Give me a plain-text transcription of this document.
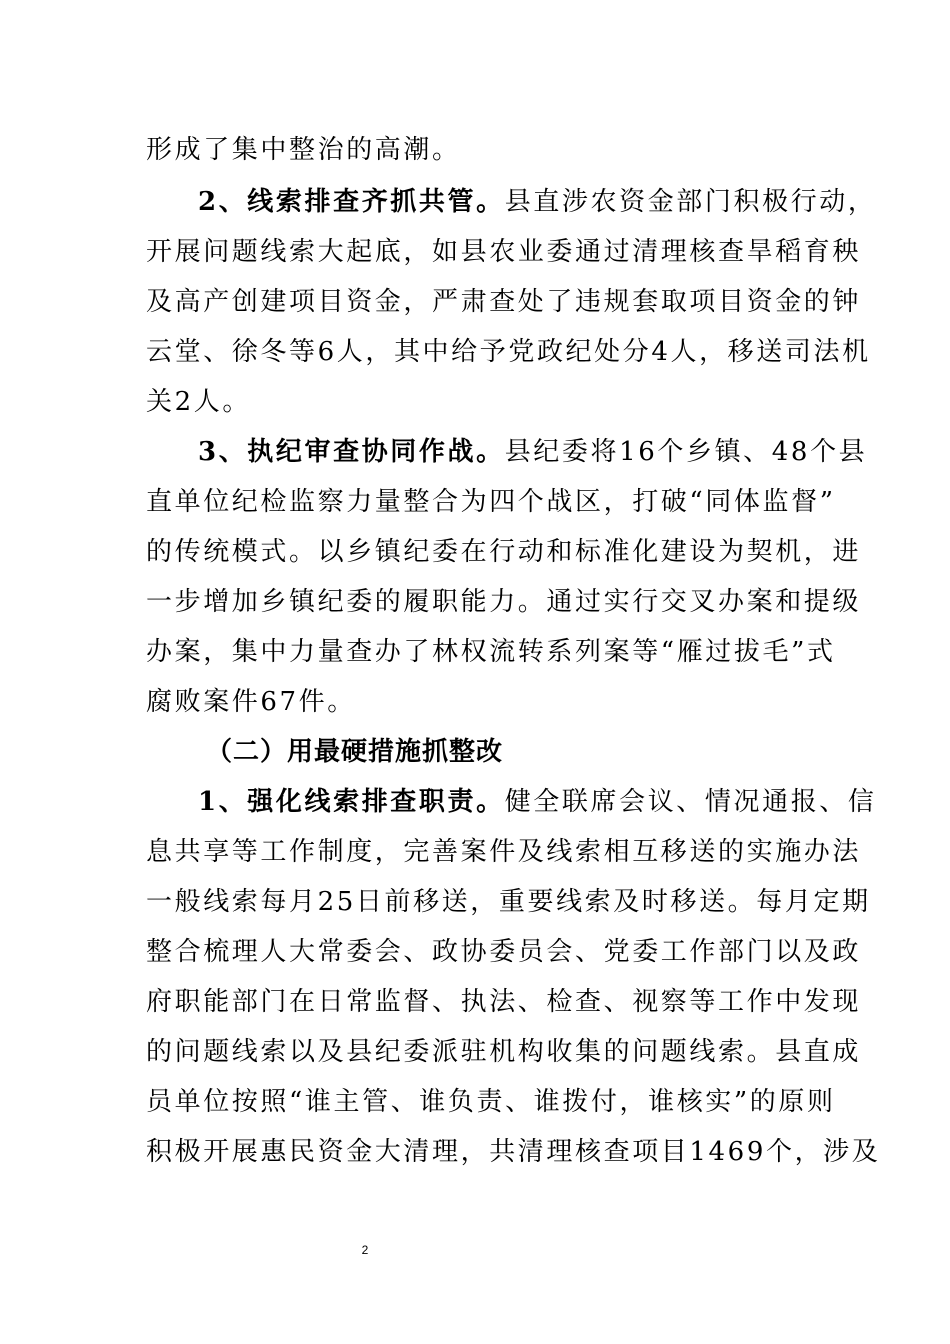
形成了集中整治的高潮。
2、线索排查齐抓共管。县直涉农资金部门积极行动，
开展问题线索大起底，如县农业委通过清理核查旱稻育秧
及高产创建项目资金，严肃查处了违规套取项目资金的钟
云堂、徐冬等6人，其中给予党政纪处分4人，移送司法机
关2人。
3、执纪审查协同作战。县纪委将16个乡镇、48个县
直单位纪检监察力量整合为四个战区，打破“同体监督”
的传统模式。以乡镇纪委在行动和标准化建设为契机，进
一步增加乡镇纪委的履职能力。通过实行交叉办案和提级
办案，集中力量查办了林权流转系列案等“雁过拔毛”式
腐败案件67件。
（二）用最硬措施抓整改
1、强化线索排查职责。健全联席会议、情况通报、信
息共享等工作制度，完善案件及线索相互移送的实施办法
一般线索每月25日前移送，重要线索及时移送。每月定期
整合梳理人大常委会、政协委员会、党委工作部门以及政
府职能部门在日常监督、执法、检查、视察等工作中发现
的问题线索以及县纪委派驻机构收集的问题线索。县直成
员单位按照“谁主管、谁负责、谁拨付，谁核实”的原则
积极开展惠民资金大清理，共清理核查项目1469个，涉及
2
